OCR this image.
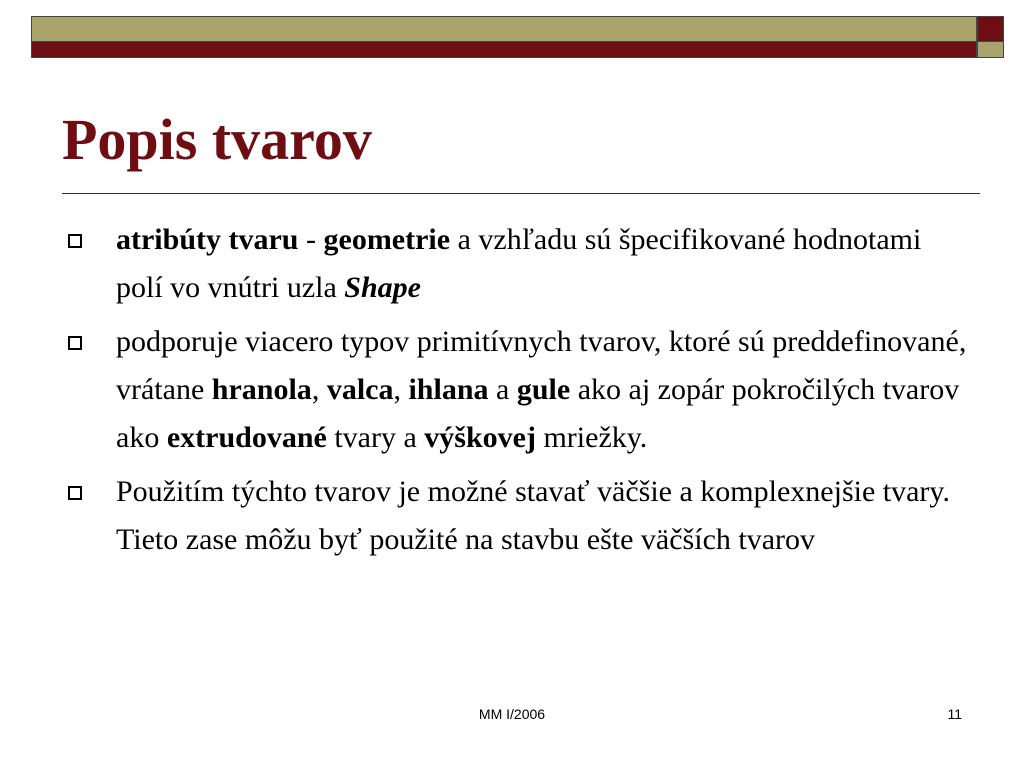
Popis tvarov
atribúty tvaru - geometrie a vzhľadu sú špecifikované hodnotami polí vo vnútri uzla Shape
podporuje viacero typov primitívnych tvarov, ktoré sú preddefinované, vrátane hranola, valca, ihlana a gule ako aj zopár pokročilých tvarov ako extrudované tvary a výškovej mriežky.
Použitím týchto tvarov je možné stavať väčšie a komplexnejšie tvary. Tieto zase môžu byť použité na stavbu ešte väčších tvarov
MM I/2006	11
